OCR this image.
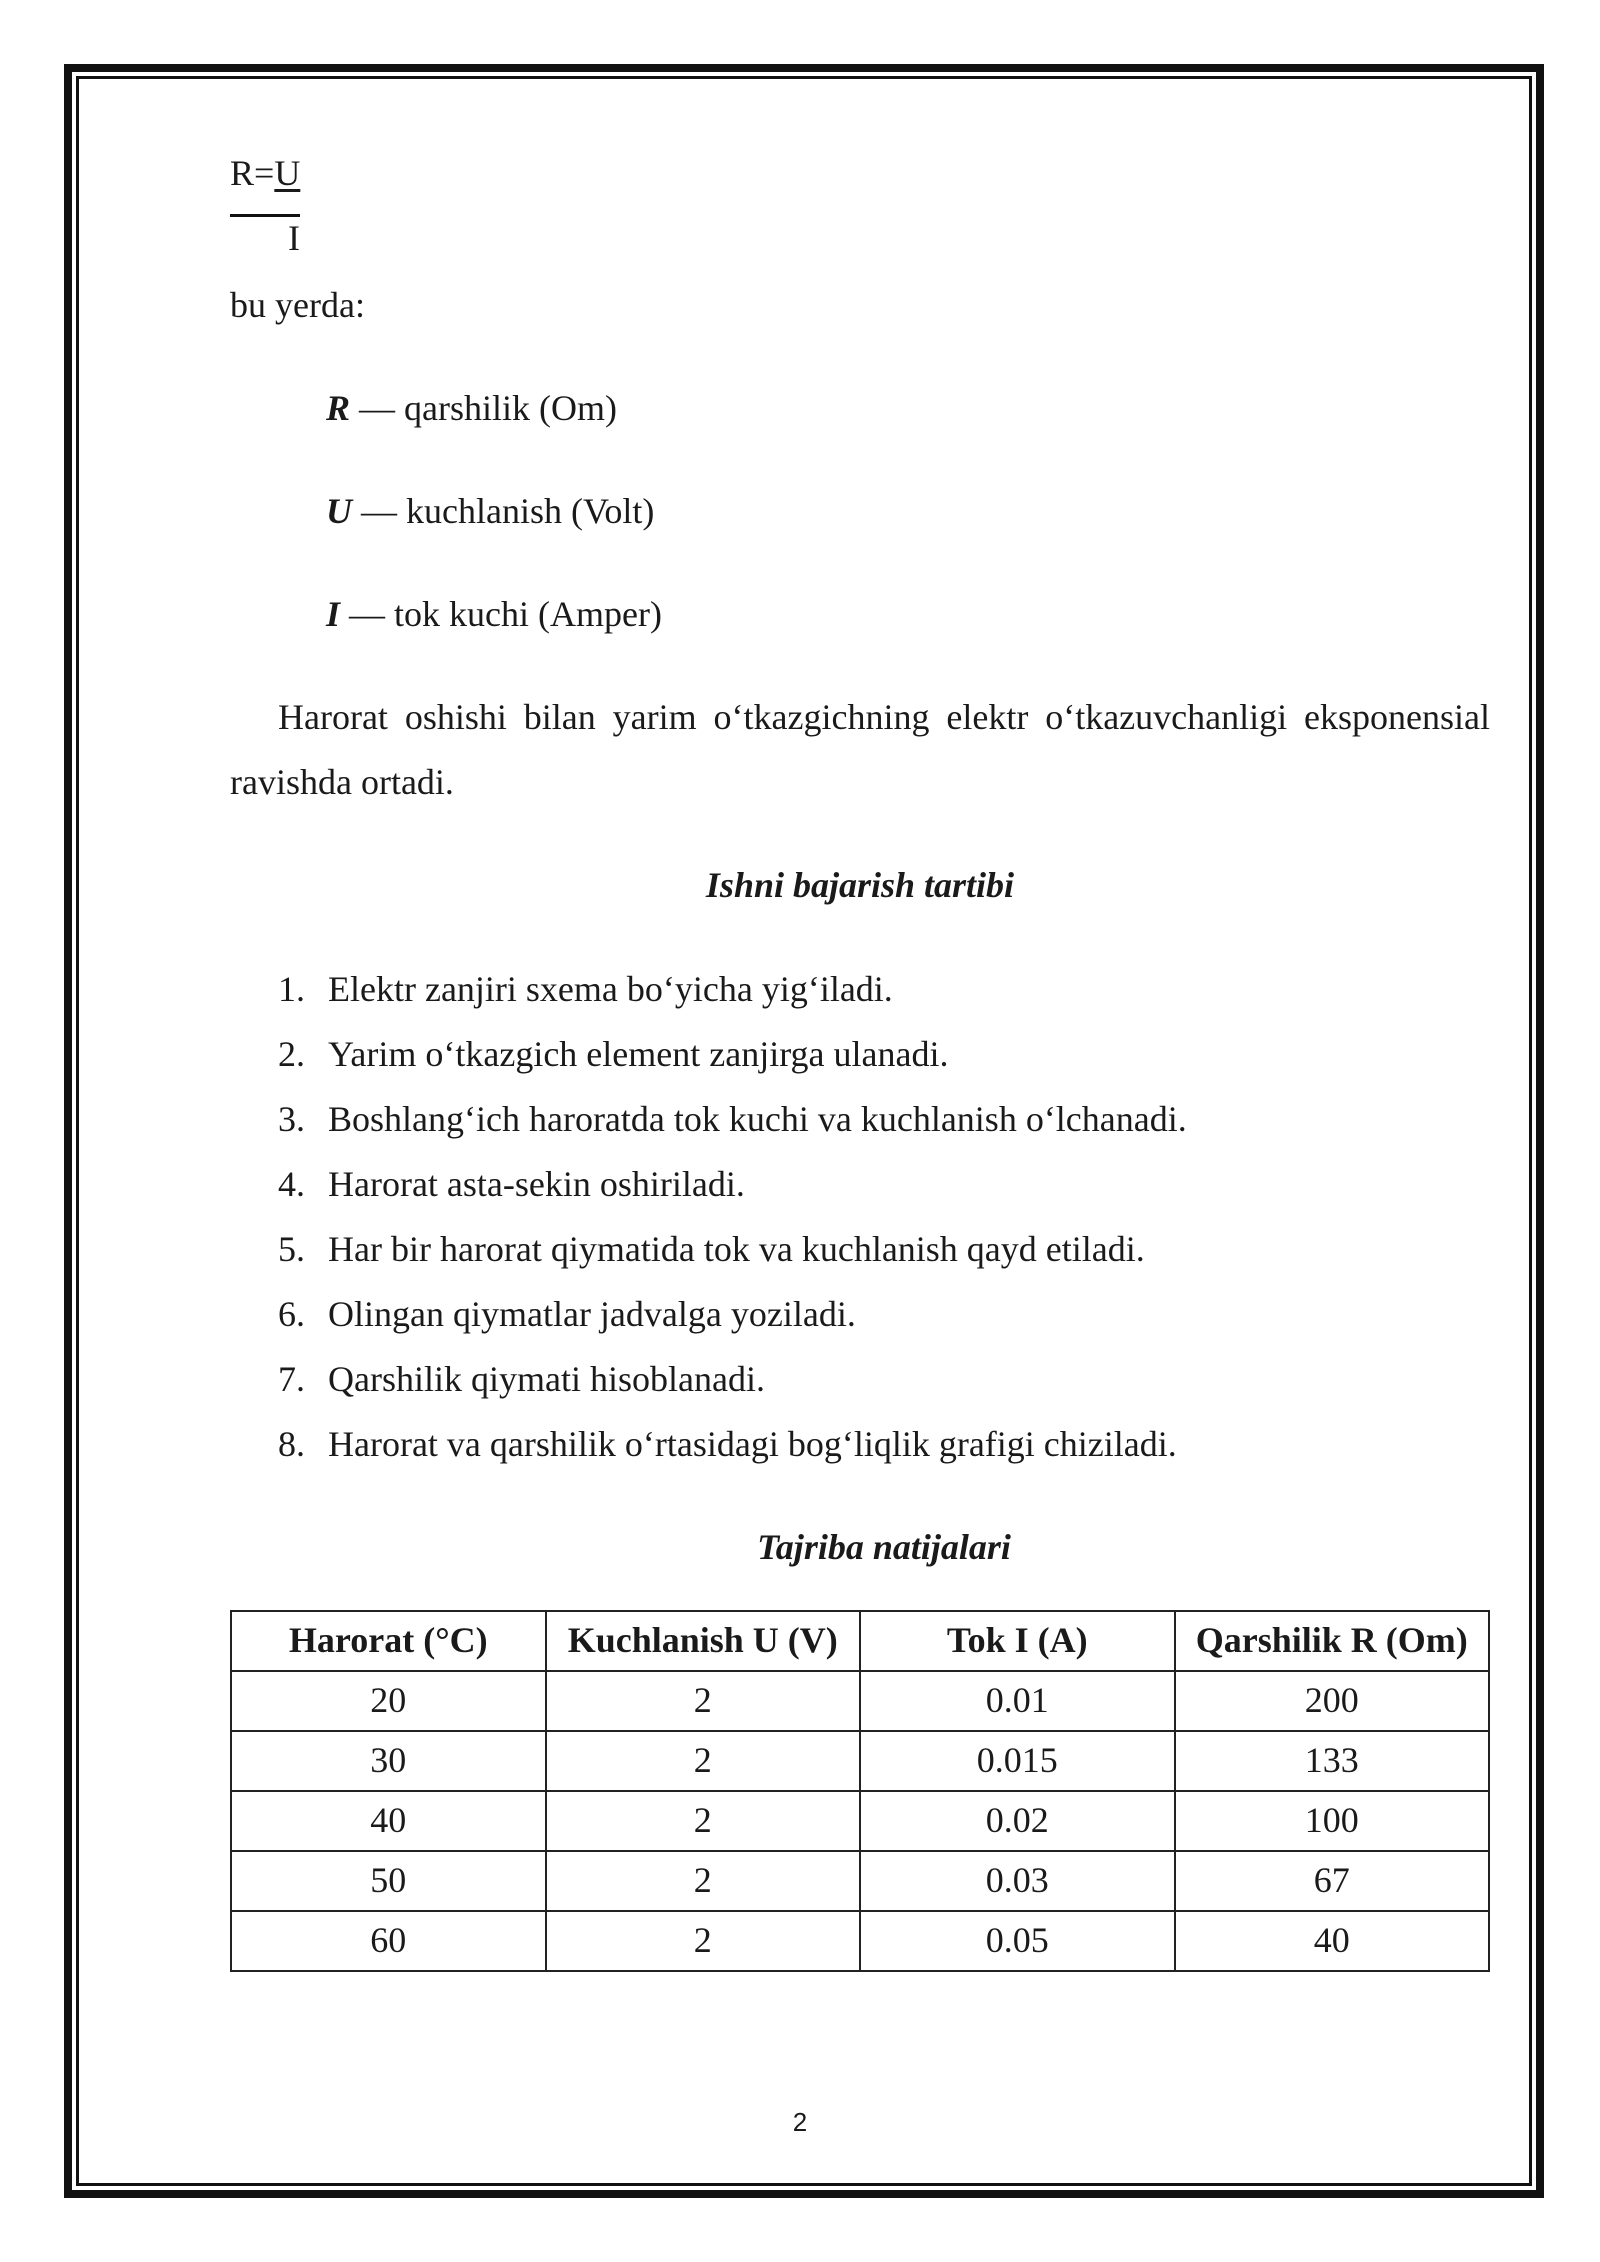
R=U
I
bu yerda:
R — qarshilik (Om)
U — kuchlanish (Volt)
I — tok kuchi (Amper)
Harorat oshishi bilan yarim o‘tkazgichning elektr o‘tkazuvchanligi eksponensial
ravishda ortadi.
Ishni bajarish tartibi
1. Elektr zanjiri sxema bo‘yicha yig‘iladi.
2. Yarim o‘tkazgich element zanjirga ulanadi.
3. Boshlang‘ich haroratda tok kuchi va kuchlanish o‘lchanadi.
4. Harorat asta-sekin oshiriladi.
5. Har bir harorat qiymatida tok va kuchlanish qayd etiladi.
6. Olingan qiymatlar jadvalga yoziladi.
7. Qarshilik qiymati hisoblanadi.
8. Harorat va qarshilik o‘rtasidagi bog‘liqlik grafigi chiziladi.
Tajriba natijalari
Harorat (°C)	Kuchlanish U (V)	Tok I (A)	Qarshilik R (Om)
20	2	0.01	200
30	2	0.015	133
40	2	0.02	100
50	2	0.03	67
60	2	0.05	40
2
